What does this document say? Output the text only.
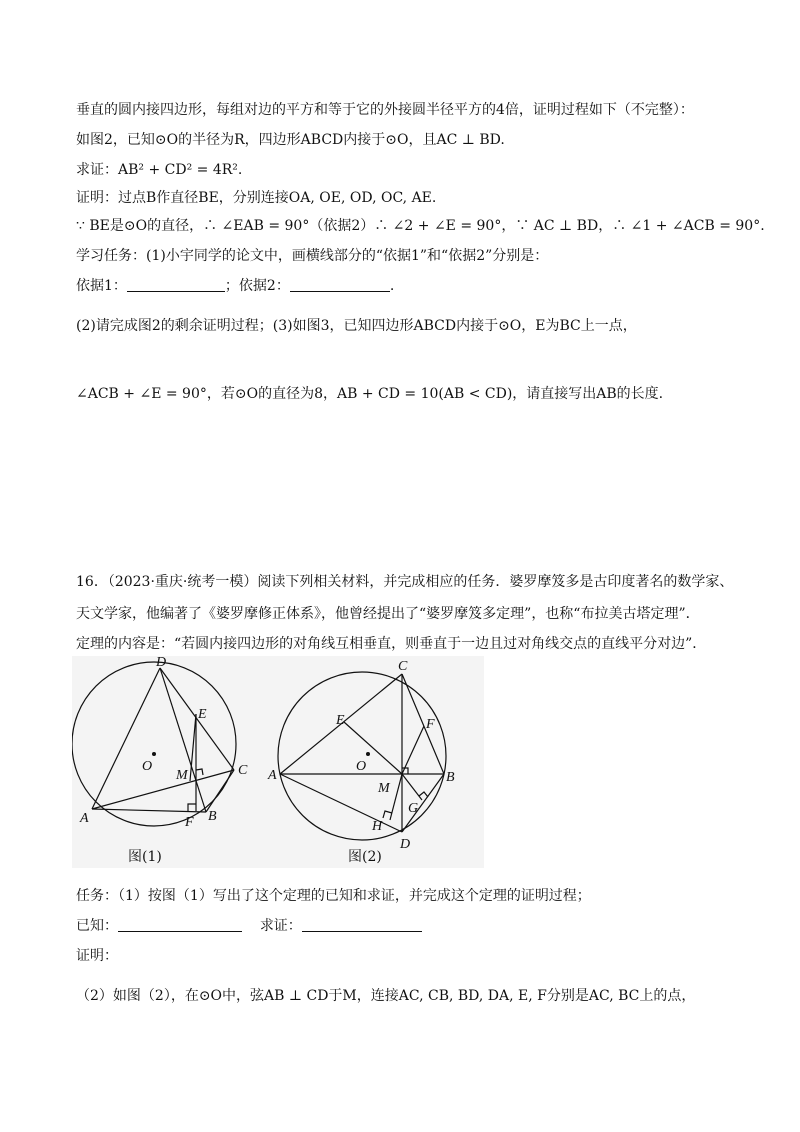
垂直的圆内接四边形，每组对边的平方和等于它的外接圆半径平方的4倍，证明过程如下（不完整）：
如图2，已知⊙O的半径为R，四边形ABCD内接于⊙O，且AC ⊥ BD.
求证：AB² + CD² = 4R².
证明：过点B作直径BE，分别连接OA, OE, OD, OC, AE.
∵ BE是⊙O的直径，∴ ∠EAB = 90°（依据2）∴ ∠2 + ∠E = 90°，∵ AC ⊥ BD，∴ ∠1 + ∠ACB = 90°.
学习任务：(1)小宇同学的论文中，画横线部分的“依据1”和“依据2”分别是：
依据1：	；依据2：	.
(2)请完成图2的剩余证明过程；(3)如图3，已知四边形ABCD内接于⊙O，E为BC上一点，
∠ACB + ∠E = 90°，若⊙O的直径为8，AB + CD = 10(AB < CD)，请直接写出AB的长度.
16．（2023·重庆·统考一模）阅读下列相关材料，并完成相应的任务．婆罗摩笈多是古印度著名的数学家、
天文学家，他编著了《婆罗摩修正体系》，他曾经提出了“婆罗摩笈多定理”，也称“布拉美古塔定理”．
定理的内容是：“若圆内接四边形的对角线互相垂直，则垂直于一边且过对角线交点的直线平分对边”．
D
E
O
M	C
A	F B
C
F
E
O
A
M
B
G
H
D
图(1)	图(2)
任务：（1）按图（1）写出了这个定理的已知和求证，并完成这个定理的证明过程；
已知：	求证：
证明：
（2）如图（2），在⊙O中，弦AB ⊥ CD于M，连接AC, CB, BD, DA, E, F分别是AC, BC上的点，
